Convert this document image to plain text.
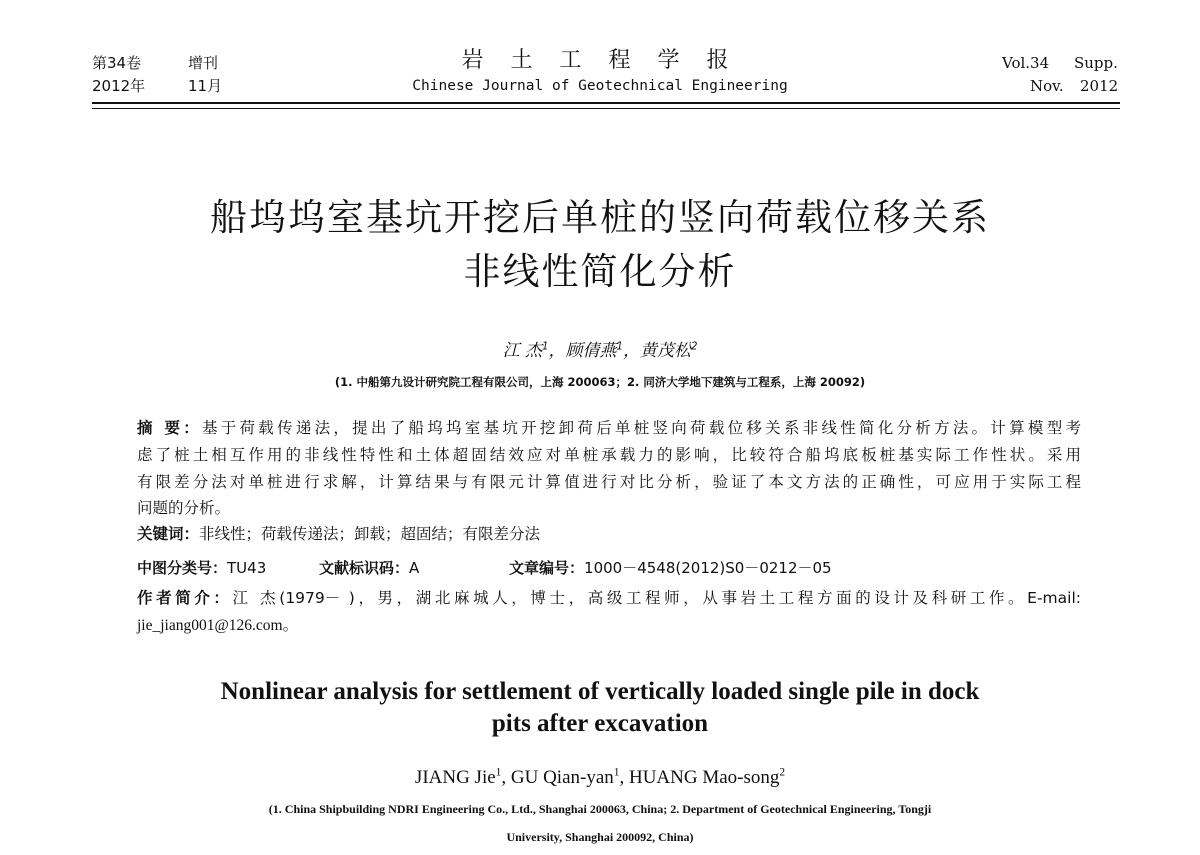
第34卷	增刊
2012年	11月
岩 土 工 程 学 报
Chinese Journal of Geotechnical Engineering
Vol.34 Supp.
Nov. 2012
船坞坞室基坑开挖后单桩的竖向荷载位移关系
非线性简化分析
江 杰$^1$，顾倩燕$^1$，黄茂松$^2$
(1. 中船第九设计研究院工程有限公司，上海 200063；2. 同济大学地下建筑与工程系，上海 20092)
摘 要：基于荷载传递法，提出了船坞坞室基坑开挖卸荷后单桩竖向荷载位移关系非线性简化分析方法。计算模型考
虑了桩土相互作用的非线性特性和土体超固结效应对单桩承载力的影响，比较符合船坞底板桩基实际工作性状。采用
有限差分法对单桩进行求解，计算结果与有限元计算值进行对比分析，验证了本文方法的正确性，可应用于实际工程
问题的分析。
关键词：非线性；荷载传递法；卸载；超固结；有限差分法
中图分类号：TU43	文献标识码：A	文章编号：1000－4548(2012)S0－0212－05
作者简介：江 杰(1979－ )，男，湖北麻城人，博士，高级工程师，从事岩土工程方面的设计及科研工作。E-mail:
jie_jiang001@126.com。
Nonlinear analysis for settlement of vertically loaded single pile in dock
pits after excavation
JIANG Jie$^1$, GU Qian-yan$^1$, HUANG Mao-song$^2$
(1. China Shipbuilding NDRI Engineering Co., Ltd., Shanghai 200063, China; 2. Department of Geotechnical Engineering, Tongji
University, Shanghai 200092, China)
